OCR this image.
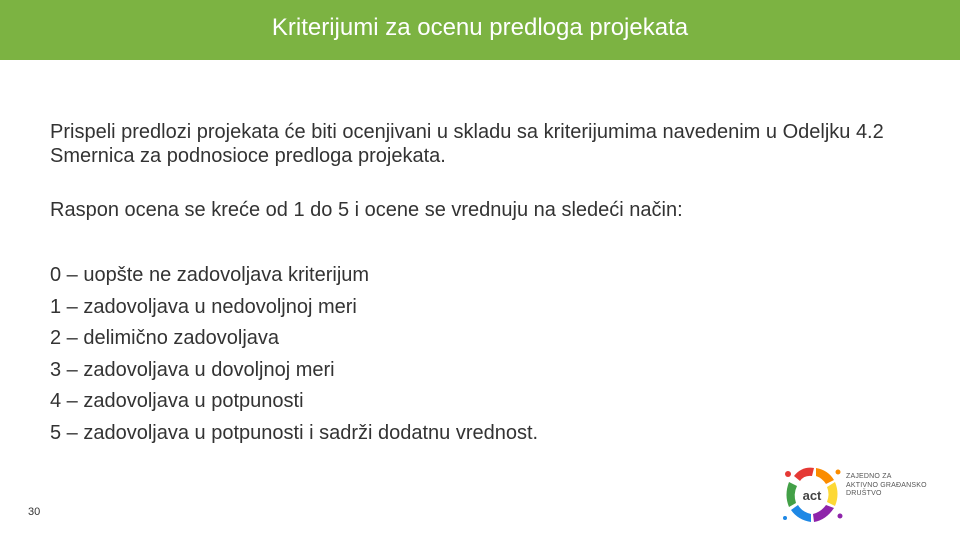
Kriterijumi za ocenu predloga projekata

Prispeli predlozi projekata će biti ocenjivani u skladu sa kriterijumima navedenim u Odeljku 4.2 Smernica za podnosioce predloga projekata.

Raspon ocena se kreće od 1 do 5 i ocene se vrednuju na sledeći način:

0 – uopšte ne zadovoljava kriterijum
1 – zadovoljava u nedovoljnoj meri
2 – delimično zadovoljava
3 – zadovoljava u dovoljnoj meri
4 – zadovoljava u potpunosti
5 – zadovoljava u potpunosti i sadrži dodatnu vrednost.
30
act
ZAJEDNO ZA
AKTIVNO GRAĐANSKO
DRUŠTVO
